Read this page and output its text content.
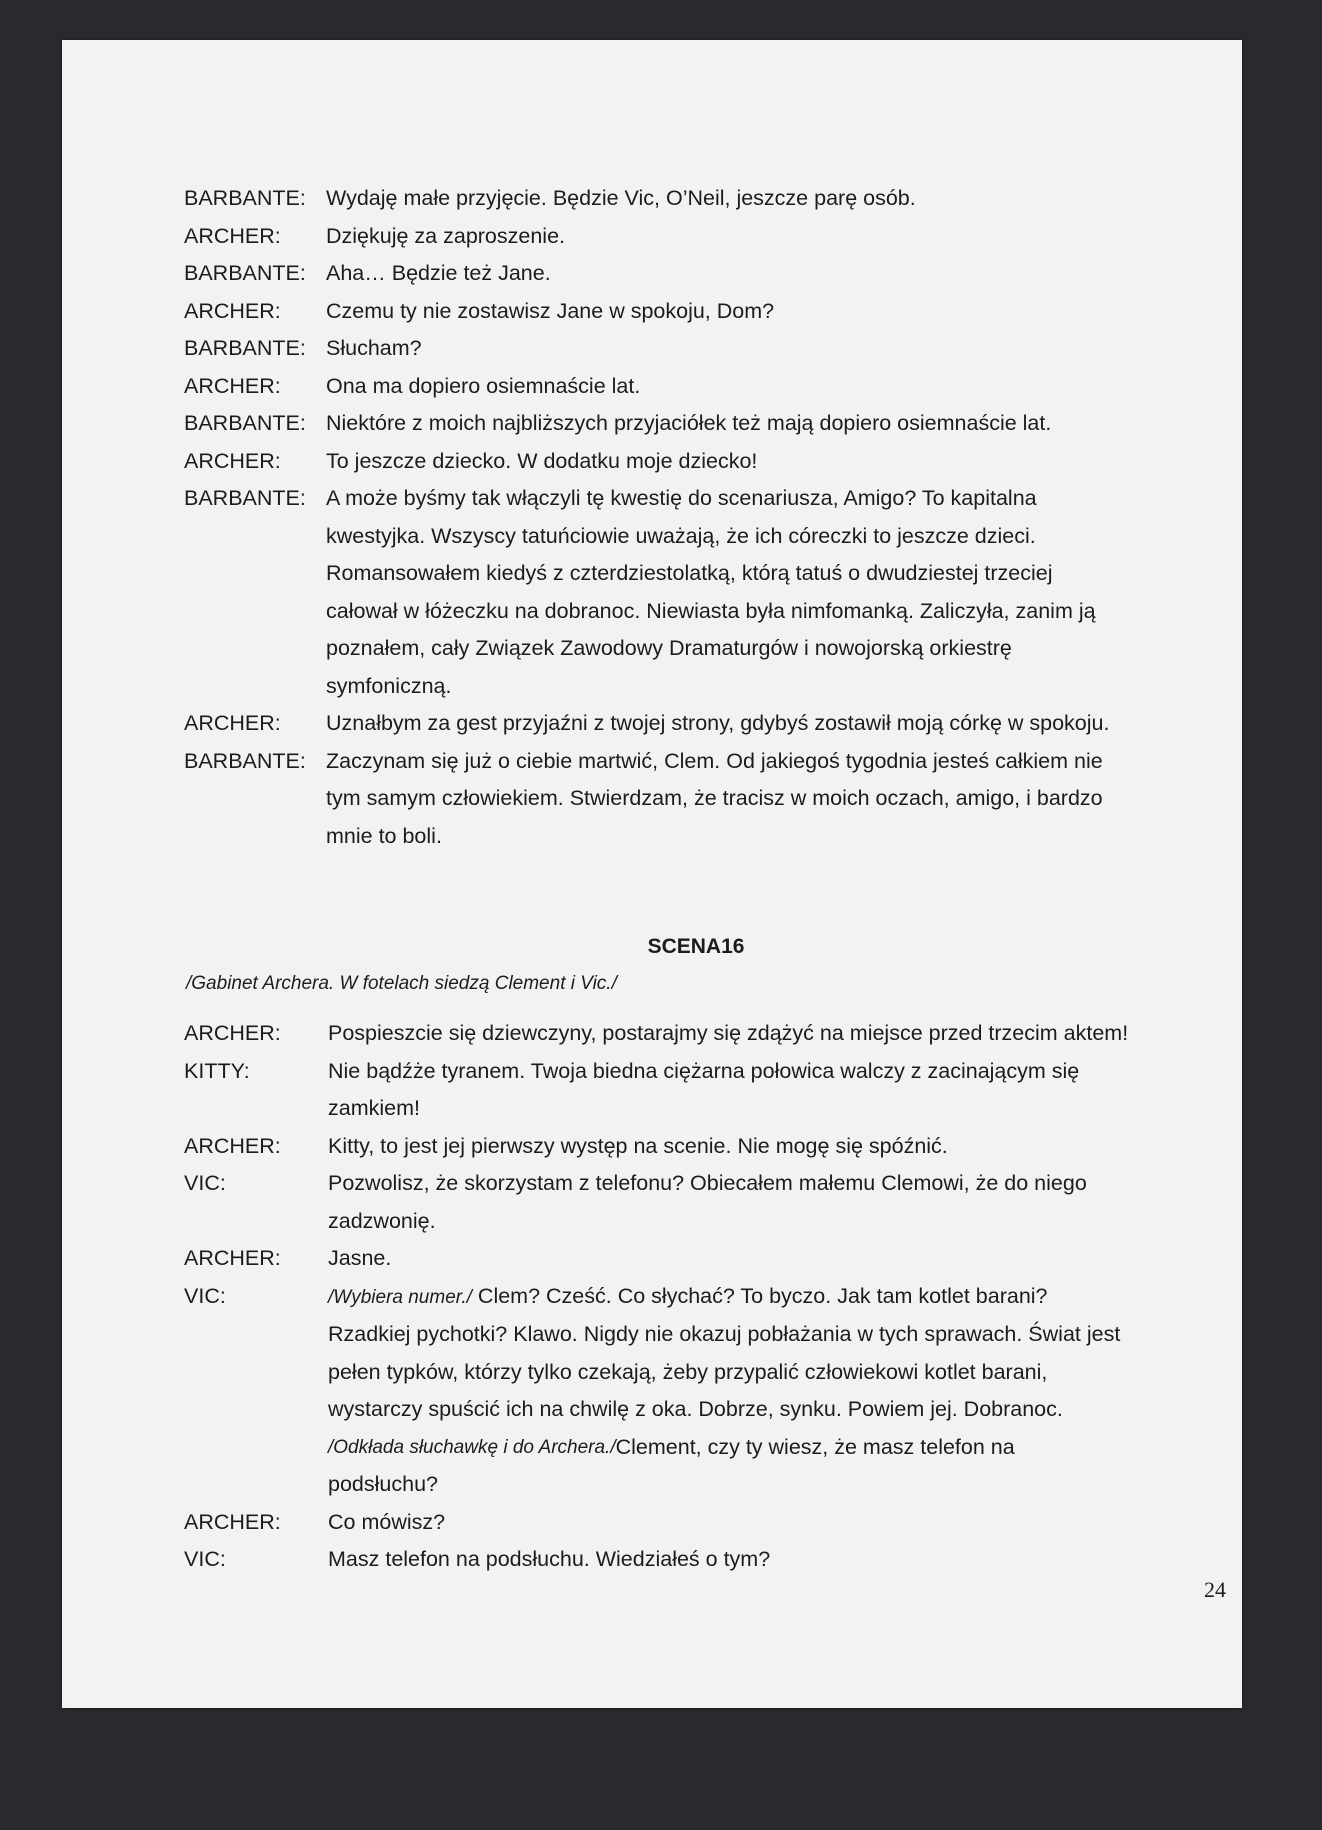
BARBANTE: Wydaję małe przyjęcie. Będzie Vic, O’Neil, jeszcze parę osób.
ARCHER:	Dziękuję za zaproszenie.
BARBANTE: Aha… Będzie też Jane.
ARCHER:	Czemu ty nie zostawisz Jane w spokoju, Dom?
BARBANTE: Słucham?
ARCHER:	Ona ma dopiero osiemnaście lat.
BARBANTE: Niektóre z moich najbliższych przyjaciółek też mają dopiero osiemnaście lat.
ARCHER:	To jeszcze dziecko. W dodatku moje dziecko!
BARBANTE: A może byśmy tak włączyli tę kwestię do scenariusza, Amigo? To kapitalna
kwestyjka. Wszyscy tatuńciowie uważają, że ich córeczki to jeszcze dzieci.
Romansowałem kiedyś z czterdziestolatką, którą tatuś o dwudziestej trzeciej
całował w łóżeczku na dobranoc. Niewiasta była nimfomanką. Zaliczyła, zanim ją
poznałem, cały Związek Zawodowy Dramaturgów i nowojorską orkiestrę
symfoniczną.
ARCHER:	Uznałbym za gest przyjaźni z twojej strony, gdybyś zostawił moją córkę w spokoju.
BARBANTE: Zaczynam się już o ciebie martwić, Clem. Od jakiegoś tygodnia jesteś całkiem nie
tym samym człowiekiem. Stwierdzam, że tracisz w moich oczach, amigo, i bardzo
mnie to boli.
SCENA16
/Gabinet Archera. W fotelach siedzą Clement i Vic./
ARCHER:	Pospieszcie się dziewczyny, postarajmy się zdążyć na miejsce przed trzecim aktem!
KITTY:	Nie bądźże tyranem. Twoja biedna ciężarna połowica walczy z zacinającym się
zamkiem!
ARCHER:	Kitty, to jest jej pierwszy występ na scenie. Nie mogę się spóźnić.
VIC:	Pozwolisz, że skorzystam z telefonu? Obiecałem małemu Clemowi, że do niego
zadzwonię.
ARCHER:	Jasne.
VIC:	/Wybiera numer./ Clem? Cześć. Co słychać? To byczo. Jak tam kotlet barani?
Rzadkiej pychotki? Klawo. Nigdy nie okazuj pobłażania w tych sprawach. Świat jest
pełen typków, którzy tylko czekają, żeby przypalić człowiekowi kotlet barani,
wystarczy spuścić ich na chwilę z oka. Dobrze, synku. Powiem jej. Dobranoc.
/Odkłada słuchawkę i do Archera./ Clement, czy ty wiesz, że masz telefon na
podsłuchu?
ARCHER:	Co mówisz?
VIC:	Masz telefon na podsłuchu. Wiedziałeś o tym?
24
